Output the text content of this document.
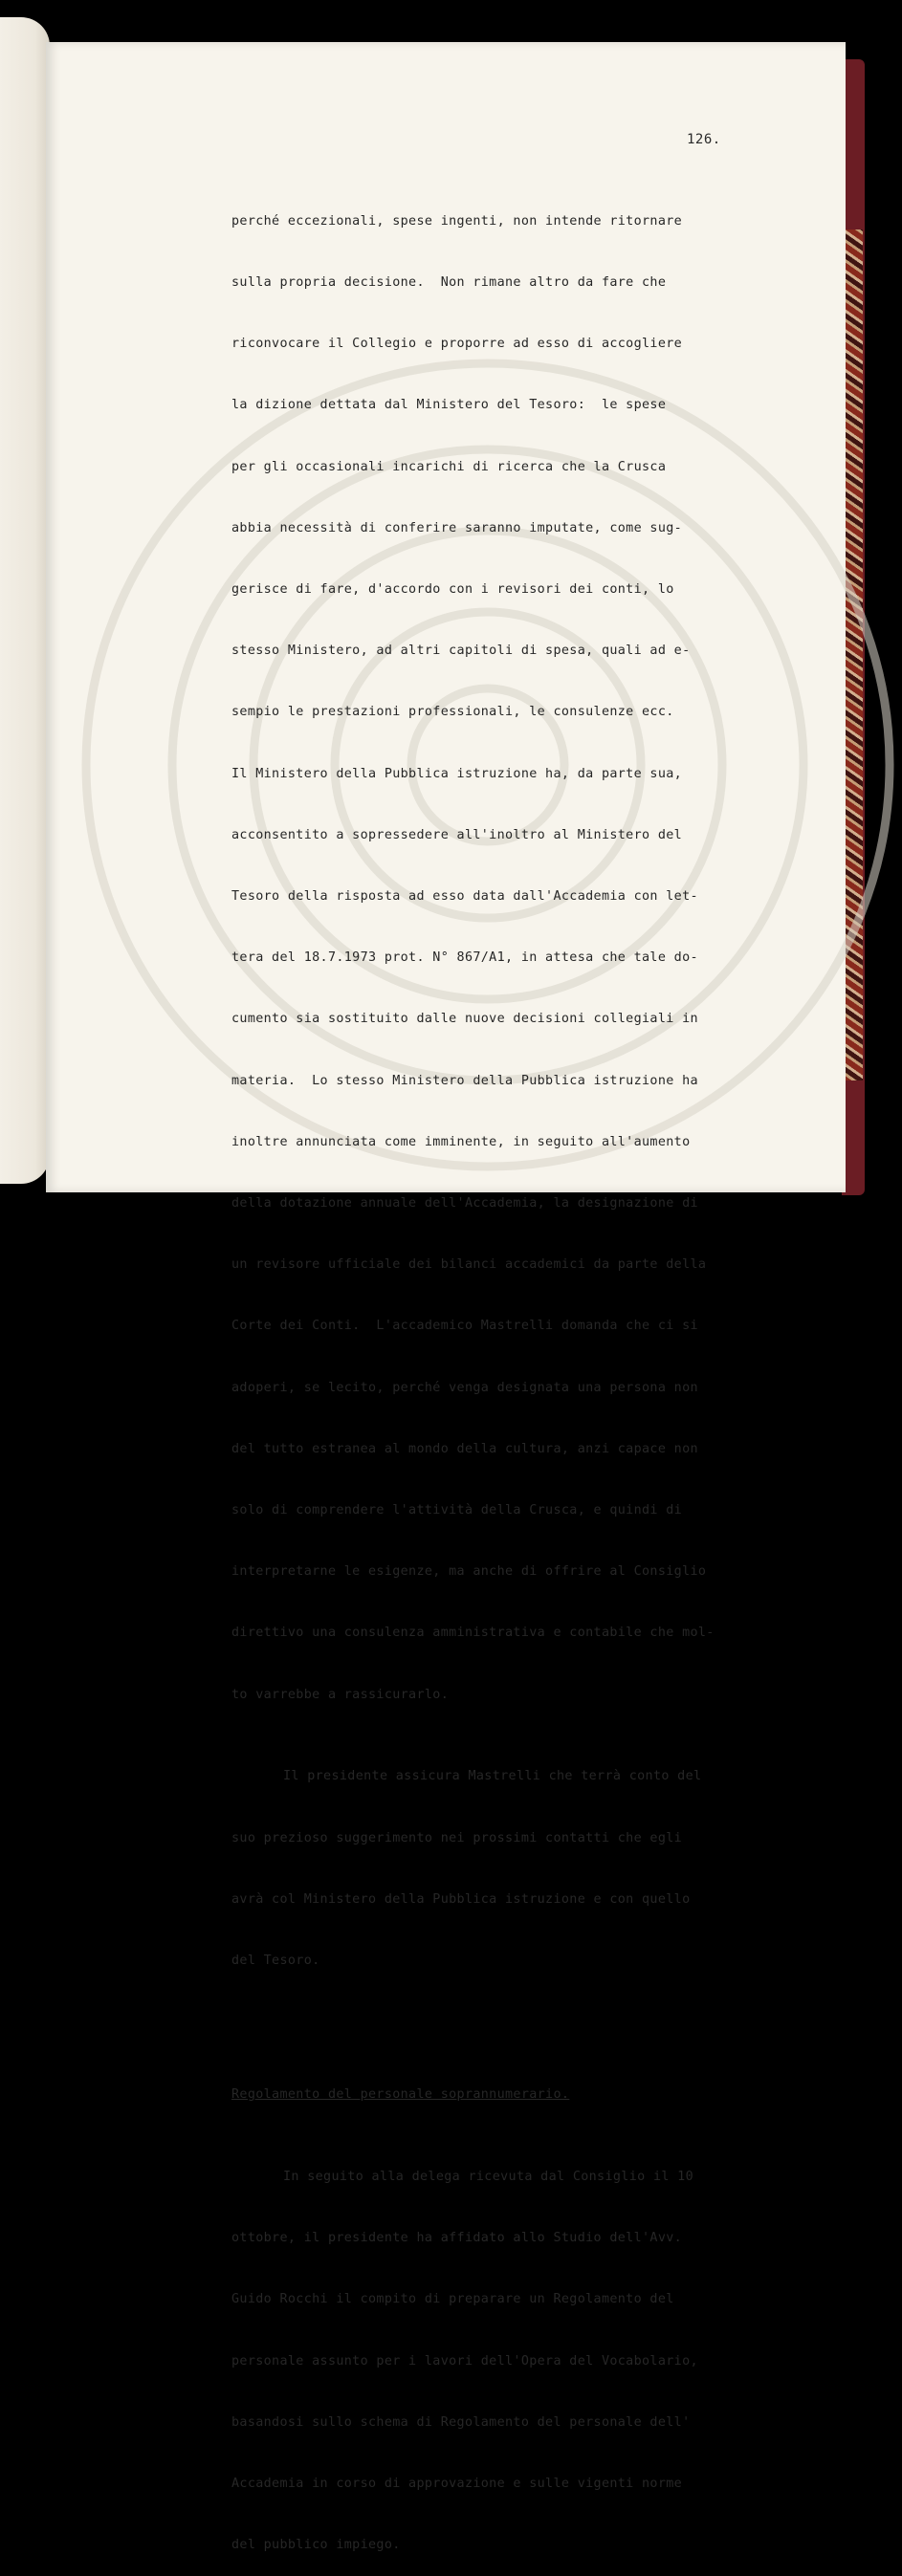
126.

perché eccezionali, spese ingenti, non intende ritornare

sulla propria decisione.  Non rimane altro da fare che

riconvocare il Collegio e proporre ad esso di accogliere

la dizione dettata dal Ministero del Tesoro:  le spese

per gli occasionali incarichi di ricerca che la Crusca

abbia necessità di conferire saranno imputate, come sug-

gerisce di fare, d'accordo con i revisori dei conti, lo

stesso Ministero, ad altri capitoli di spesa, quali ad e-

sempio le prestazioni professionali, le consulenze ecc.

Il Ministero della Pubblica istruzione ha, da parte sua,

acconsentito a sopressedere all'inoltro al Ministero del

Tesoro della risposta ad esso data dall'Accademia con let-

tera del 18.7.1973 prot. N° 867/A1, in attesa che tale do-

cumento sia sostituito dalle nuove decisioni collegiali in

materia.  Lo stesso Ministero della Pubblica istruzione ha

inoltre annunciata come imminente, in seguito all'aumento

della dotazione annuale dell'Accademia, la designazione di

un revisore ufficiale dei bilanci accademici da parte della

Corte dei Conti.  L'accademico Mastrelli domanda che ci si

adoperi, se lecito, perché venga designata una persona non

del tutto estranea al mondo della cultura, anzi capace non

solo di comprendere l'attività della Crusca, e quindi di

interpretarne le esigenze, ma anche di offrire al Consiglio

direttivo una consulenza amministrativa e contabile che mol-

to varrebbe a rassicurarlo.

Il presidente assicura Mastrelli che terrà conto del

suo prezioso suggerimento nei prossimi contatti che egli

avrà col Ministero della Pubblica istruzione e con quello

del Tesoro.

Regolamento del personale soprannumerario.

In seguito alla delega ricevuta dal Consiglio il 10

ottobre, il presidente ha affidato allo Studio dell'Avv.

Guido Rocchi il compito di preparare un Regolamento del

personale assunto per i lavori dell'Opera del Vocabolario,

basandosi sullo schema di Regolamento del personale dell'

Accademia in corso di approvazione e sulle vigenti norme

del pubblico impiego.
